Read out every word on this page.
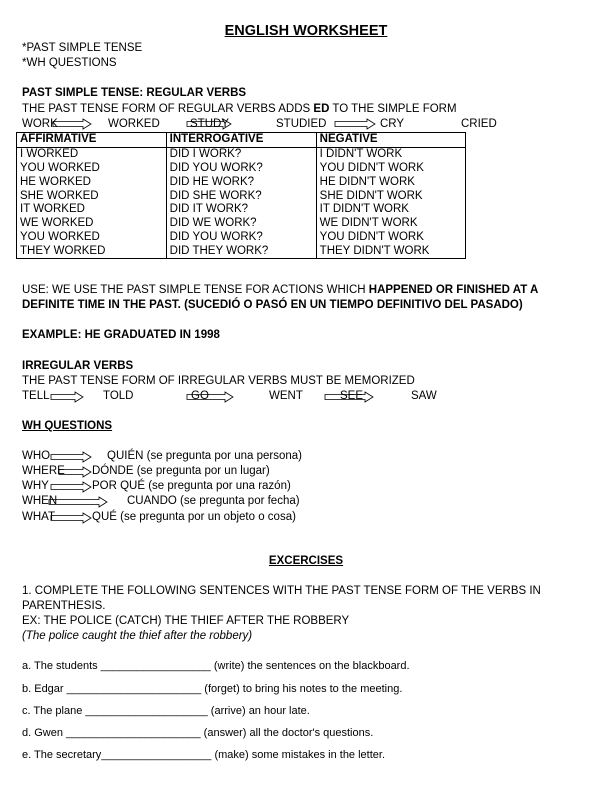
ENGLISH WORKSHEET
*PAST SIMPLE TENSE
*WH QUESTIONS
PAST SIMPLE TENSE: REGULAR VERBS
THE PAST TENSE FORM OF REGULAR VERBS ADDS ED TO THE SIMPLE FORM
WORK	WORKED	STUDY	STUDIED	CRY	CRIED
AFFIRMATIVE	INTERROGATIVE	NEGATIVE
I WORKED	DID I WORK?	I DIDN'T WORK
YOU WORKED	DID YOU WORK?	YOU DIDN'T WORK
HE WORKED	DID HE WORK?	HE DIDN'T WORK
SHE WORKED	DID SHE WORK?	SHE DIDN'T WORK
IT WORKED	DID IT WORK?	IT DIDN'T WORK
WE WORKED	DID WE WORK?	WE DIDN'T WORK
YOU WORKED	DID YOU WORK?	YOU DIDN'T WORK
THEY WORKED	DID THEY WORK?	THEY DIDN'T WORK
USE: WE USE THE PAST SIMPLE TENSE FOR ACTIONS WHICH HAPPENED OR FINISHED AT A
DEFINITE TIME IN THE PAST. (SUCEDIÓ O PASÓ EN UN TIEMPO DEFINITIVO DEL PASADO)
EXAMPLE: HE GRADUATED IN 1998
IRREGULAR VERBS
THE PAST TENSE FORM OF IRREGULAR VERBS MUST BE MEMORIZED
TELL	TOLD	GO	WENT	SEE	SAW
WH QUESTIONS
WHO	QUIÉN (se pregunta por una persona)
WHERE DÓNDE (se pregunta por un lugar)
WHY	POR QUÉ (se pregunta por una razón)
WHEN	CUANDO (se pregunta por fecha)
WHAT	QUÉ (se pregunta por un objeto o cosa)
EXCERCISES
1. COMPLETE THE FOLLOWING SENTENCES WITH THE PAST TENSE FORM OF THE VERBS IN
PARENTHESIS.
EX: THE POLICE (CATCH) THE THIEF AFTER THE ROBBERY
(The police caught the thief after the robbery)
a. The students __________________ (write) the sentences on the blackboard.
b. Edgar ______________________ (forget) to bring his notes to the meeting.
c. The plane ____________________ (arrive) an hour late.
d. Gwen ______________________ (answer) all the doctor's questions.
e. The secretary__________________ (make) some mistakes in the letter.
